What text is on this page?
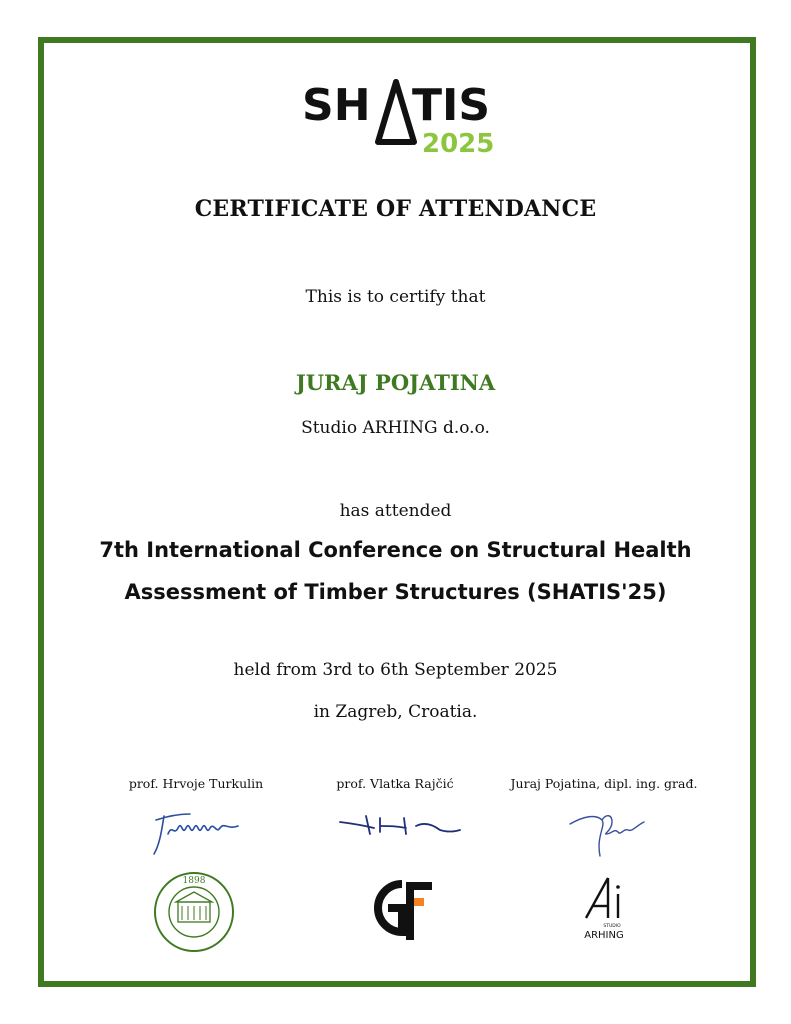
SH TIS
2025
CERTIFICATE OF ATTENDANCE
This is to certify that
JURAJ POJATINA
Studio ARHING d.o.o.
has attended
7th International Conference on Structural Health
Assessment of Timber Structures (SHATIS'25)
held from 3rd to 6th September 2025
in Zagreb, Croatia.
prof. Hrvoje Turkulin	prof. Vlatka Rajčić	Juraj Pojatina, dipl. ing. građ.
1898
STUDIO
ARHING
